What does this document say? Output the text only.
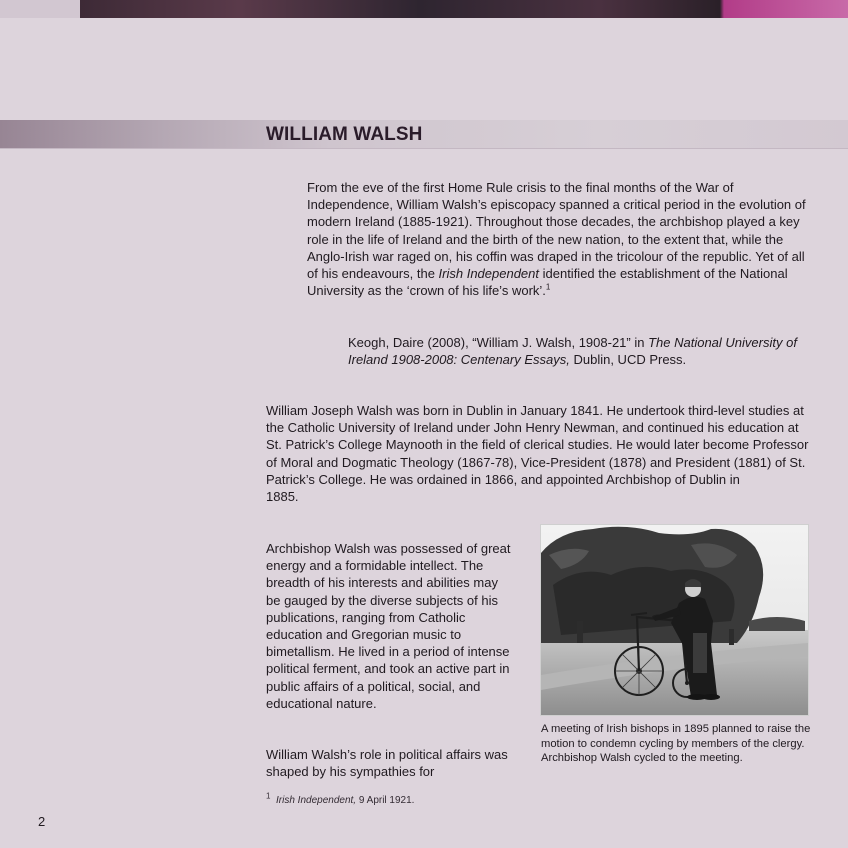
WILLIAM WALSH

From the eve of the first Home Rule crisis to the final months of the War of Independence, William Walsh’s episcopacy spanned a critical period in the evolution of modern Ireland (1885-1921). Throughout those decades, the archbishop played a key role in the life of Ireland and the birth of the new nation, to the extent that, while the Anglo-Irish war raged on, his coffin was draped in the tricolour of the republic. Yet of all of his endeavours, the Irish Independent identified the establishment of the National University as the ‘crown of his life’s work’.$^1$

Keogh, Daire (2008), “William J. Walsh, 1908-21” in The National University of Ireland 1908-2008: Centenary Essays, Dublin, UCD Press.

William Joseph Walsh was born in Dublin in January 1841. He undertook third-level studies at the Catholic University of Ireland under John Henry Newman, and continued his education at St. Patrick’s College Maynooth in the field of clerical studies. He would later become Professor of Moral and Dogmatic Theology (1867-78), Vice-President (1878) and President (1881) of St. Patrick’s College. He was ordained in 1866, and appointed Archbishop of Dublin in
1885.

Archbishop Walsh was possessed of great energy and a formidable intellect. The breadth of his interests and abilities may be gauged by the diverse subjects of his publications, ranging from Catholic education and Gregorian music to bimetallism. He lived in a period of intense political ferment, and took an active part in public affairs of a political, social, and educational nature.

William Walsh’s role in political affairs was shaped by his sympathies for

A meeting of Irish bishops in 1895 planned to raise the motion to condemn cycling by members of the clergy. Archbishop Walsh cycled to the meeting.

$^1$ Irish Independent, 9 April 1921.

2
